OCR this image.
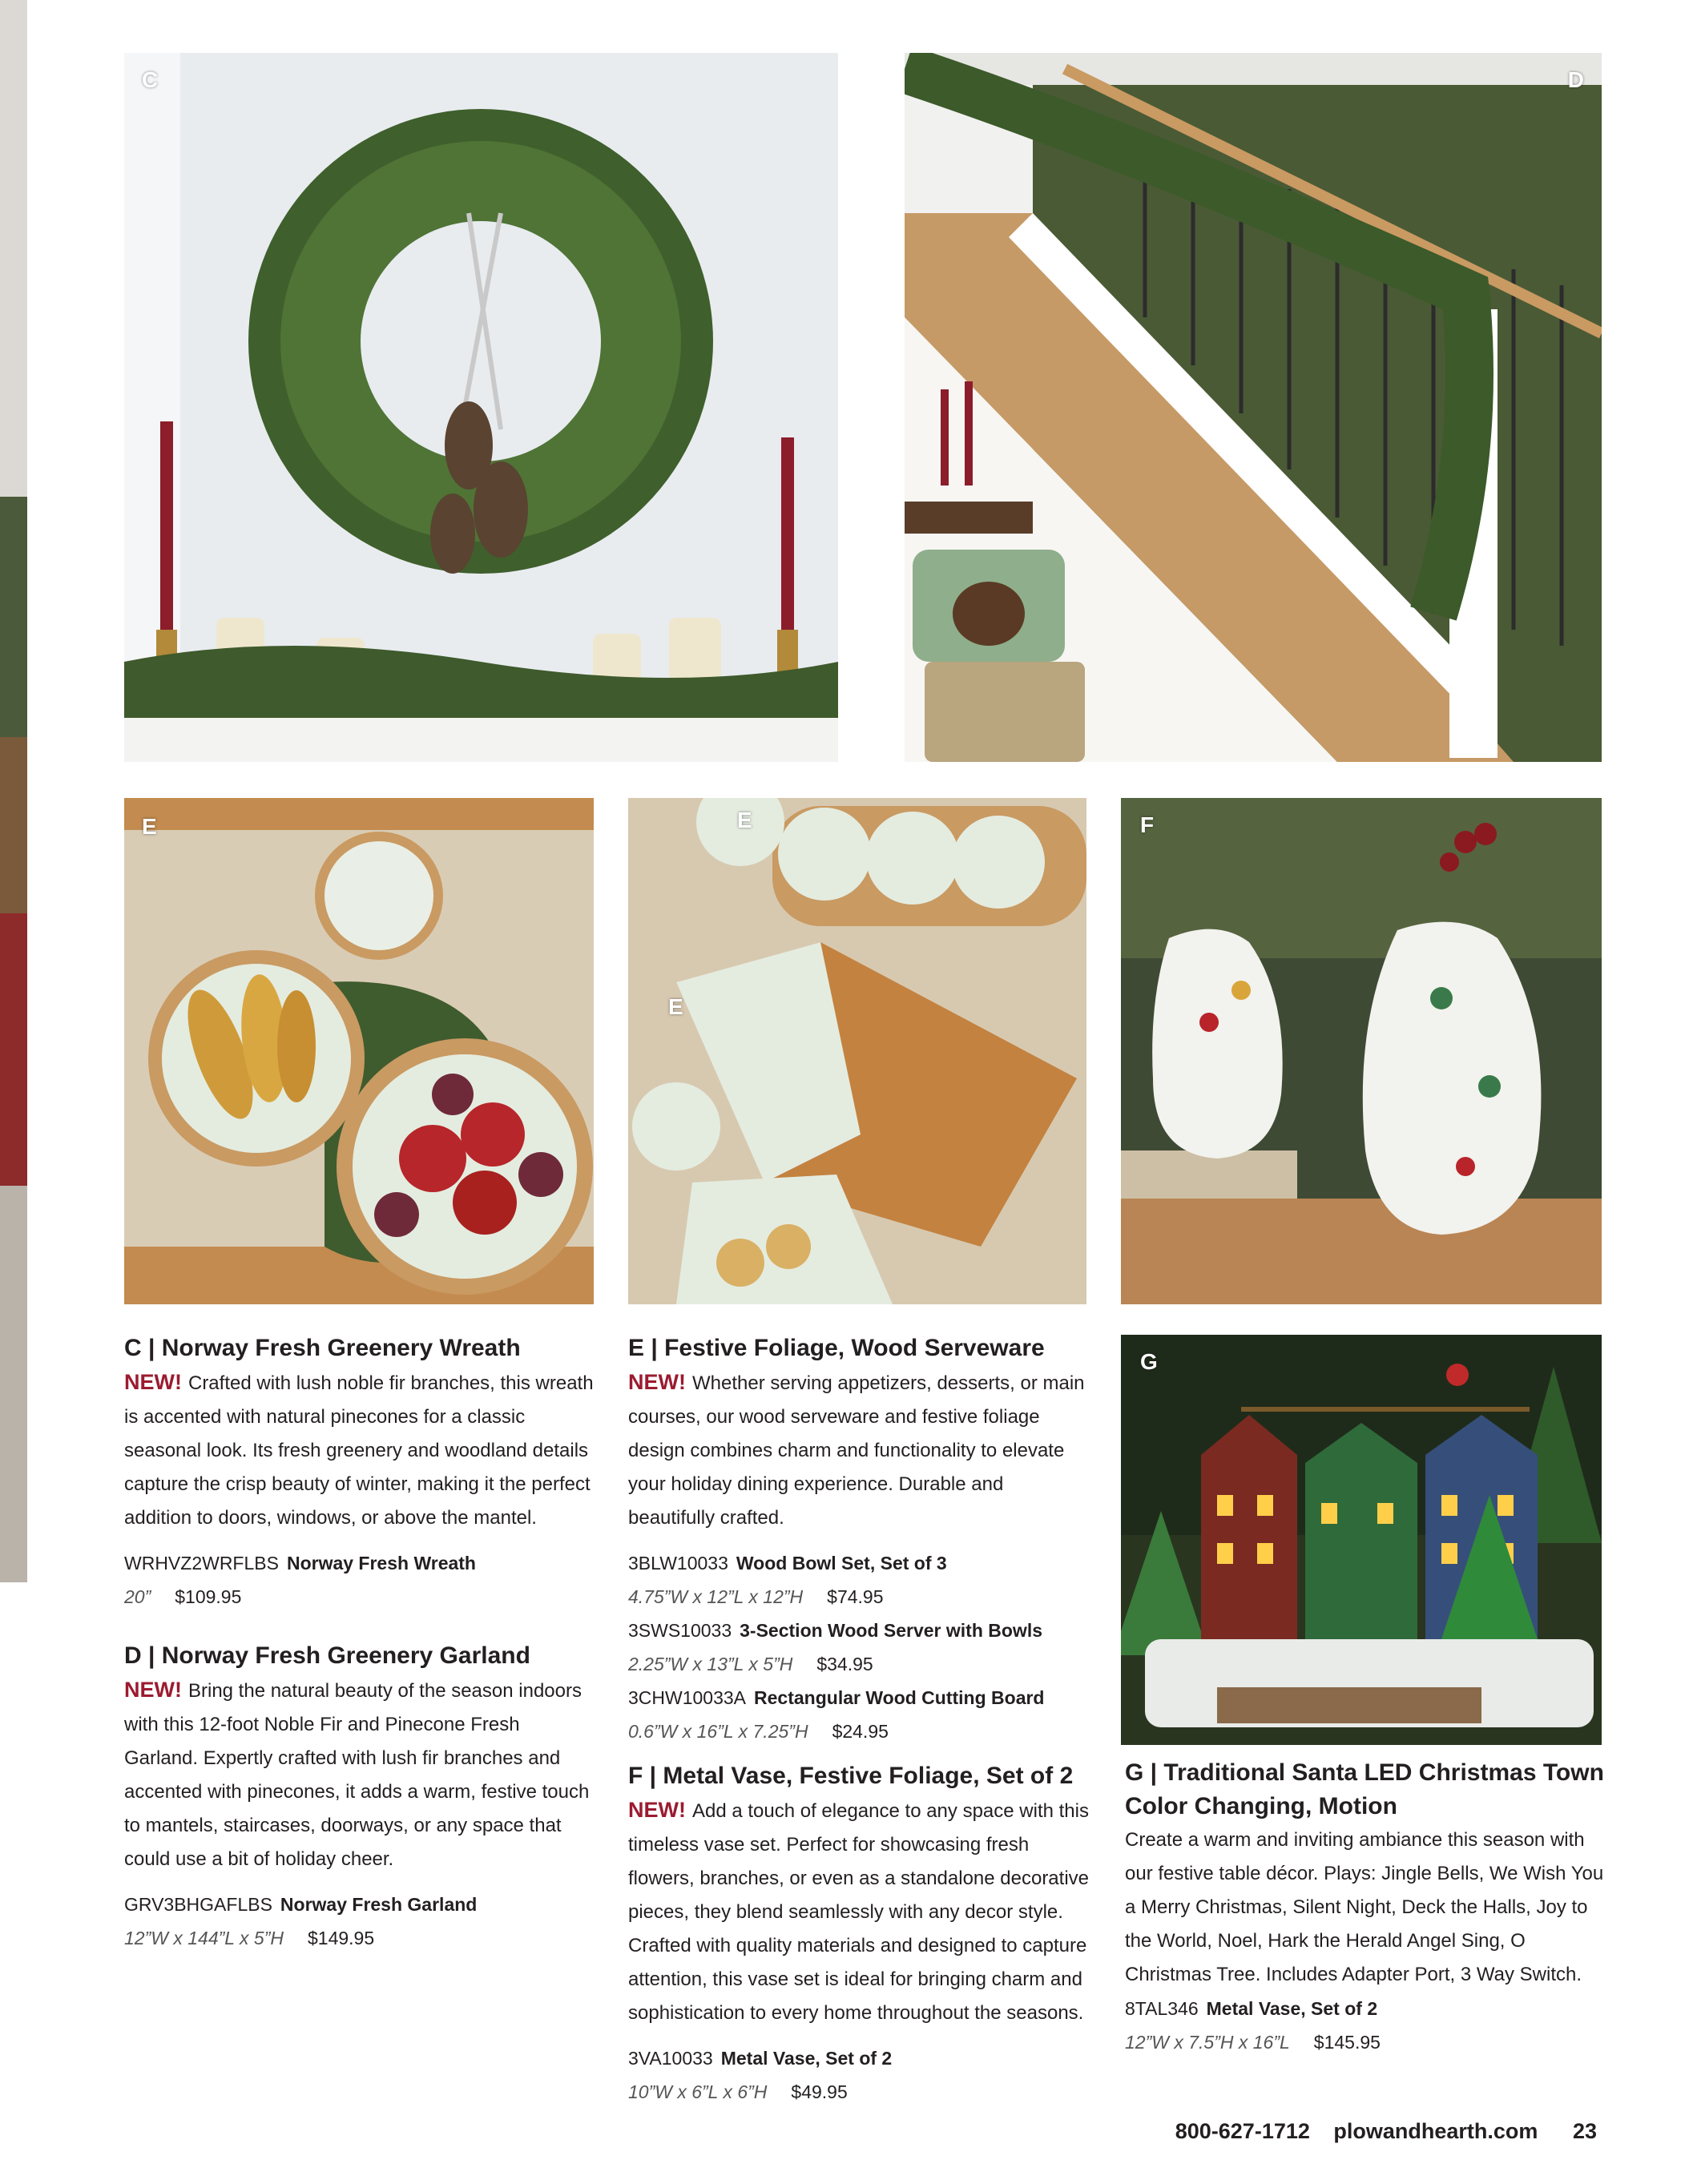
C	D
E	E
E
F
G
C | Norway Fresh Greenery Wreath

NEW! Crafted with lush noble fir branches, this wreath is accented with natural pinecones for a classic seasonal look. Its fresh greenery and woodland details capture the crisp beauty of winter, making it the perfect addition to doors, windows, or above the mantel.

WRHVZ2WRFLBS Norway Fresh Wreath
20” $109.95
D | Norway Fresh Greenery Garland

NEW! Bring the natural beauty of the season indoors with this 12-foot Noble Fir and Pinecone Fresh Garland. Expertly crafted with lush fir branches and accented with pinecones, it adds a warm, festive touch to mantels, staircases, doorways, or any space that could use a bit of holiday cheer.

GRV3BHGAFLBS Norway Fresh Garland
12”W x 144”L x 5”H $149.95
E | Festive Foliage, Wood Serveware

NEW! Whether serving appetizers, desserts, or main courses, our wood serveware and festive foliage design combines charm and functionality to elevate your holiday dining experience. Durable and beautifully crafted.

3BLW10033 Wood Bowl Set, Set of 3
4.75”W x 12”L x 12”H $74.95
3SWS10033 3-Section Wood Server with Bowls
2.25”W x 13”L x 5”H $34.95
3CHW10033A Rectangular Wood Cutting Board
0.6”W x 16”L x 7.25”H $24.95
F | Metal Vase, Festive Foliage, Set of 2

NEW! Add a touch of elegance to any space with this timeless vase set. Perfect for showcasing fresh flowers, branches, or even as a standalone decorative pieces, they blend seamlessly with any decor style. Crafted with quality materials and designed to capture attention, this vase set is ideal for bringing charm and sophistication to every home throughout the seasons.

3VA10033 Metal Vase, Set of 2
10”W x 6”L x 6”H $49.95
G | Traditional Santa LED Christmas Town Color Changing, Motion

Create a warm and inviting ambiance this season with our festive table décor. Plays: Jingle Bells, We Wish You a Merry Christmas, Silent Night, Deck the Halls, Joy to the World, Noel, Hark the Herald Angel Sing, O Christmas Tree. Includes Adapter Port, 3 Way Switch.

8TAL346 Metal Vase, Set of 2
12”W x 7.5”H x 16”L $145.95
800-627-1712 plowandhearth.com 23
